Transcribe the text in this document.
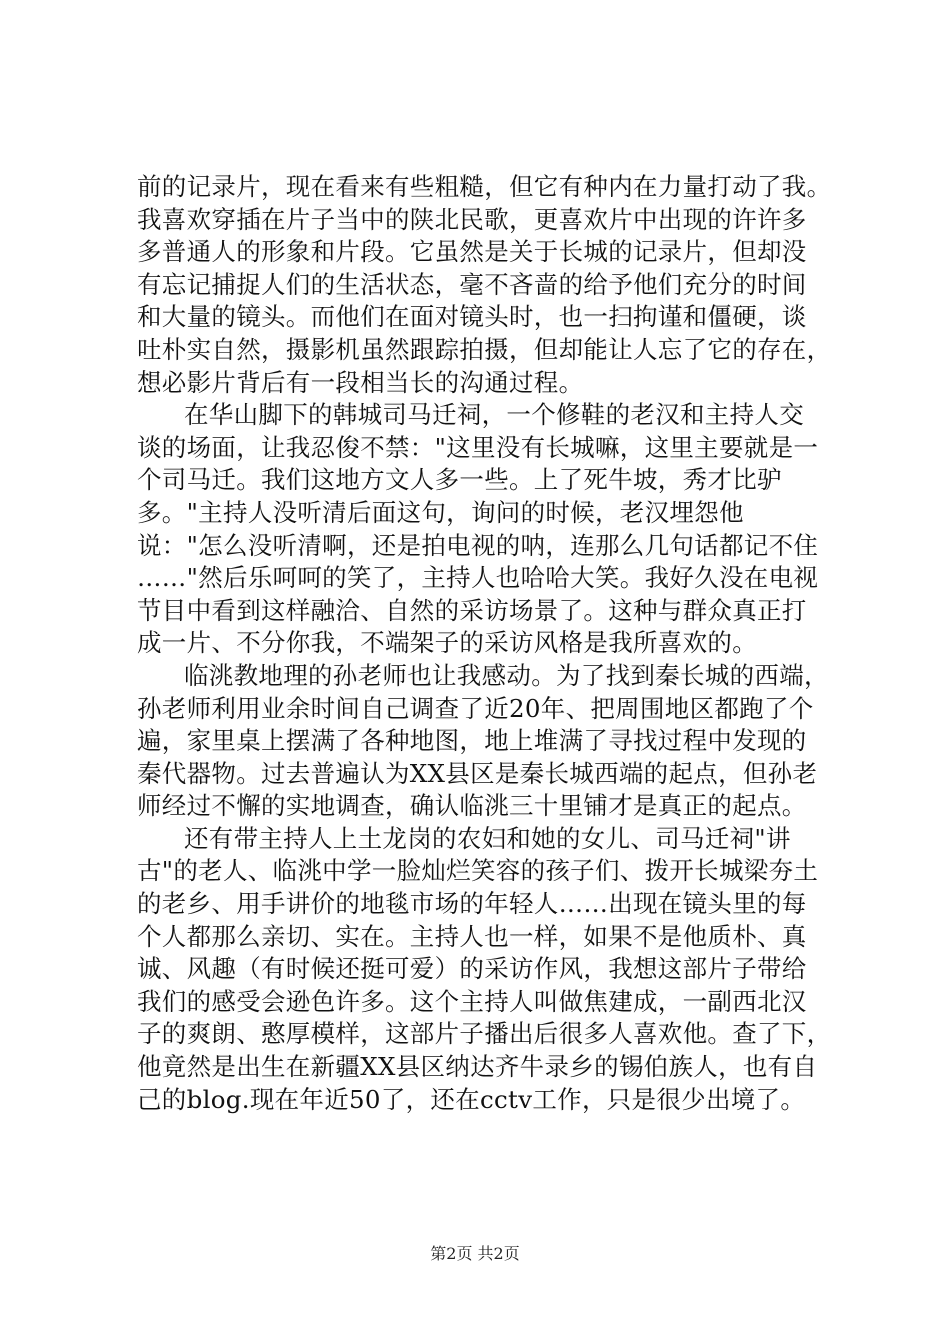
前的记录片，现在看来有些粗糙，但它有种内在力量打动了我。
我喜欢穿插在片子当中的陕北民歌，更喜欢片中出现的许许多
多普通人的形象和片段。它虽然是关于长城的记录片，但却没
有忘记捕捉人们的生活状态，毫不吝啬的给予他们充分的时间
和大量的镜头。而他们在面对镜头时，也一扫拘谨和僵硬，谈
吐朴实自然，摄影机虽然跟踪拍摄，但却能让人忘了它的存在，
想必影片背后有一段相当长的沟通过程。
在华山脚下的韩城司马迁祠，一个修鞋的老汉和主持人交
谈的场面，让我忍俊不禁："这里没有长城嘛，这里主要就是一
个司马迁。我们这地方文人多一些。上了死牛坡，秀才比驴
多。"主持人没听清后面这句，询问的时候，老汉埋怨他
说："怎么没听清啊，还是拍电视的呐，连那么几句话都记不住
……"然后乐呵呵的笑了，主持人也哈哈大笑。我好久没在电视
节目中看到这样融洽、自然的采访场景了。这种与群众真正打
成一片、不分你我，不端架子的采访风格是我所喜欢的。
临洮教地理的孙老师也让我感动。为了找到秦长城的西端，
孙老师利用业余时间自己调查了近20年、把周围地区都跑了个
遍，家里桌上摆满了各种地图，地上堆满了寻找过程中发现的
秦代器物。过去普遍认为XX县区是秦长城西端的起点，但孙老
师经过不懈的实地调查，确认临洮三十里铺才是真正的起点。
还有带主持人上土龙岗的农妇和她的女儿、司马迁祠"讲
古"的老人、临洮中学一脸灿烂笑容的孩子们、拨开长城梁夯土
的老乡、用手讲价的地毯市场的年轻人……出现在镜头里的每
个人都那么亲切、实在。主持人也一样，如果不是他质朴、真
诚、风趣（有时候还挺可爱）的采访作风，我想这部片子带给
我们的感受会逊色许多。这个主持人叫做焦建成，一副西北汉
子的爽朗、憨厚模样，这部片子播出后很多人喜欢他。查了下，
他竟然是出生在新疆XX县区纳达齐牛录乡的锡伯族人，也有自
己的blog.现在年近50了，还在cctv工作，只是很少出境了。
第2页 共2页
